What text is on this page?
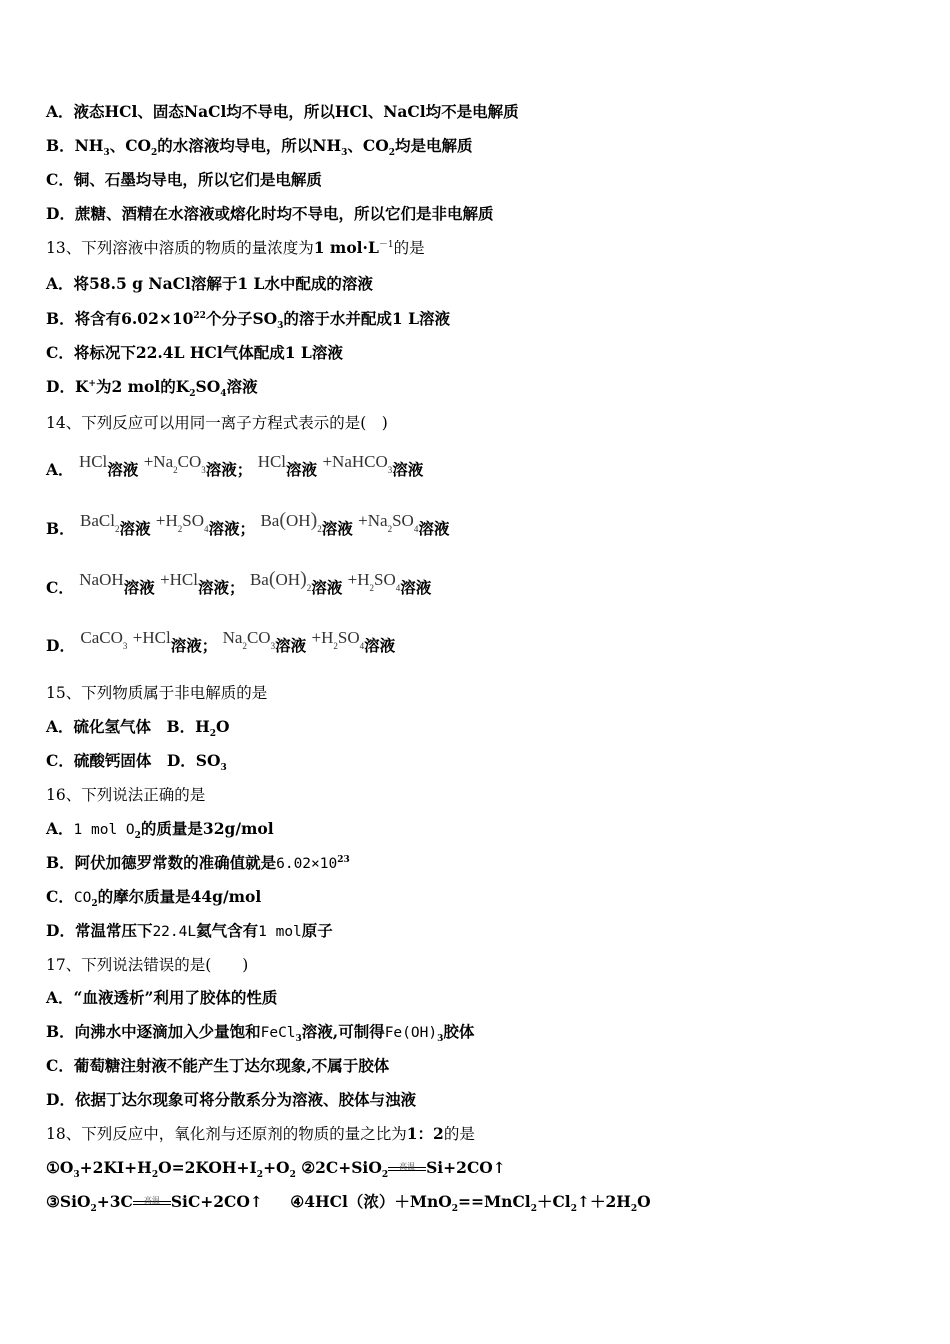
A．液态HCl、固态NaCl均不导电，所以HCl、NaCl均不是电解质
B．$NH_3$、$CO_2$的水溶液均导电，所以$NH_3$、$CO_2$均是电解质
C．铜、石墨均导电，所以它们是电解质
D．蔗糖、酒精在水溶液或熔化时均不导电，所以它们是非电解质
13、下列溶液中溶质的物质的量浓度为1 $mol\cdot L^{-1}$的是
A．将58.5 g NaCl溶解于1 L水中配成的溶液
B．将含有$6.02\times 10^{22}$个分子$SO_3$的溶于水并配成1 L溶液
C．将标况下22.4L HCl气体配成1 L溶液
D．K+为2 mol的$K_2SO_4$溶液
14、下列反应可以用同一离子方程式表示的是(　)
A． HCl溶液 $+Na_2CO_3$溶液； HCl溶液 +NaHCO$_3$溶液
B． BaCl$_2$溶液 $+H_2SO_4$溶液； $Ba(OH)_2$溶液 $+Na_2SO_4$溶液
C． NaOH溶液 +HCl溶液； $Ba(OH)_2$溶液 $+H_2SO_4$溶液
D． CaCO$_3$ +HCl溶液； $Na_2CO_3$溶液 $+H_2SO_4$溶液
15、下列物质属于非电解质的是
A．硫化氢气体　B．$H_2O$
C．硫酸钙固体　D．$SO_3$
16、下列说法正确的是
A．1 mol $O_2$的质量是32g/mol
B．阿伏加德罗常数的准确值就是$6.02\times 10^{23}$
C．$CO_2$的摩尔质量是44g/mol
D．常温常压下22.4L氦气含有1 mol原子
17、下列说法错误的是(　　)
A．“血液透析”利用了胶体的性质
B．向沸水中逐滴加入少量饱和FeCl$_3$溶液,可制得$Fe(OH)_3$胶体
C．葡萄糖注射液不能产生丁达尔现象,不属于胶体
D．依据丁达尔现象可将分散系分为溶液、胶体与浊液
18、下列反应中，氧化剂与还原剂的物质的量之比为1：2的是
$①O_3+2KI+H_2O=2KOH+I_2+O_2$ ②2C+SiO$_2$
高温 Si+2CO↑
③SiO$_2$+3C	高温 SiC+2CO↑ ④4HCl（浓）$+MnO_2==MnCl_2+Cl_2↑+2H_2O$
